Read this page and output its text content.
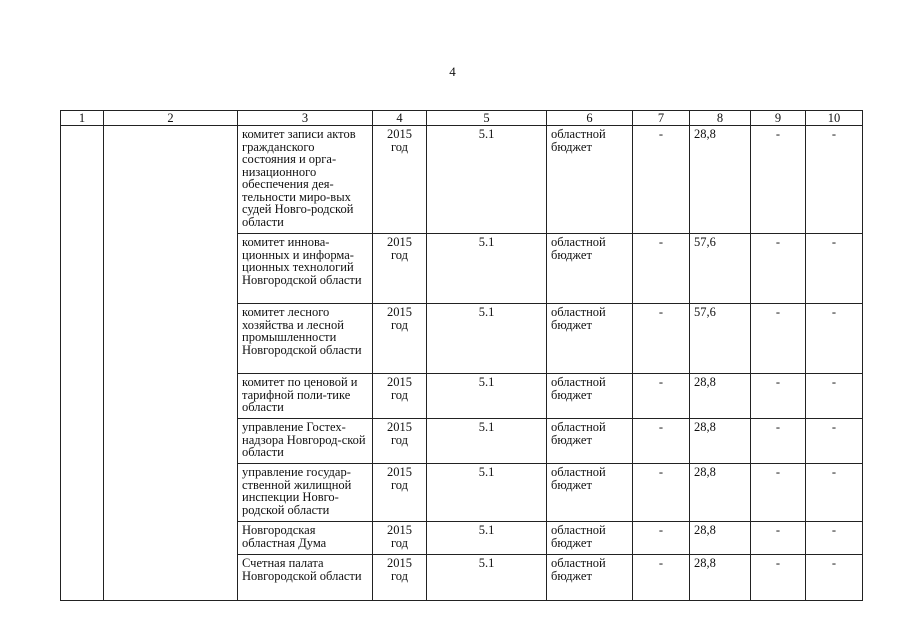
4
1	2	3	4	5	6	7	8	9	10
		комитет записи актов гражданского состояния и орга-низационного обеспечения дея-тельности миро-вых судей Новго-родской области	2015 год	5.1	областной бюджет	-	28,8	-	-
		комитет иннова-ционных и информа-ционных технологий Новгородской области	2015 год	5.1	областной бюджет	-	57,6	-	-
		комитет лесного хозяйства и лесной промышленности Новгородской области	2015 год	5.1	областной бюджет	-	57,6	-	-
		комитет по ценовой и тарифной поли-тике области	2015 год	5.1	областной бюджет	-	28,8	-	-
		управление Гостех-надзора Новгород-ской области	2015 год	5.1	областной бюджет	-	28,8	-	-
		управление государ-ственной жилищной инспекции Новго-родской области	2015 год	5.1	областной бюджет	-	28,8	-	-
		Новгородская областная Дума	2015 год	5.1	областной бюджет	-	28,8	-	-
		Счетная палата Новгородской области	2015 год	5.1	областной бюджет	-	28,8	-	-
